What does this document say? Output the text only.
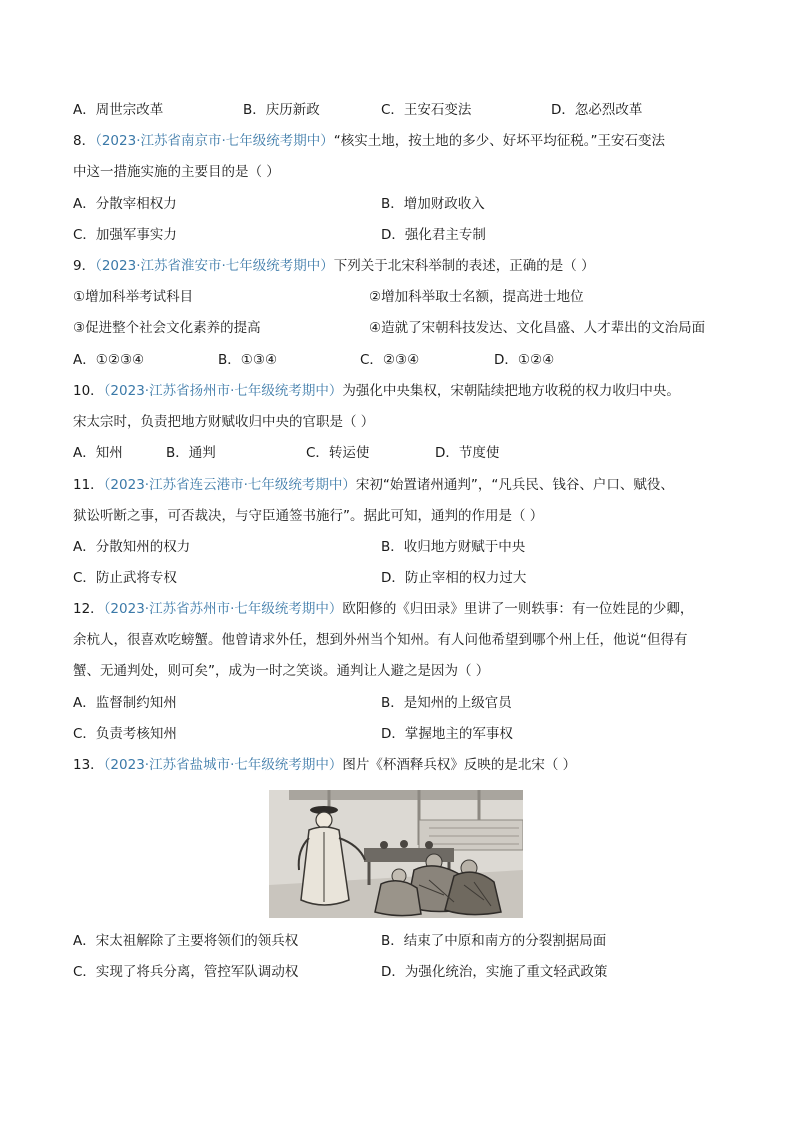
A．周世宗改革	B．庆历新政	C．王安石变法	D．忽必烈改革
8．（2023·江苏省南京市·七年级统考期中）“核实土地，按土地的多少、好坏平均征税。”王安石变法
中这一措施实施的主要目的是（ ）
A．分散宰相权力	B．增加财政收入
C．加强军事实力	D．强化君主专制
9．（2023·江苏省淮安市·七年级统考期中）下列关于北宋科举制的表述，正确的是（ ）
①增加科举考试科目	②增加科举取士名额，提高进士地位
③促进整个社会文化素养的提高	④造就了宋朝科技发达、文化昌盛、人才辈出的文治局面
A．①②③④	B．①③④	C．②③④	D．①②④
10．（2023·江苏省扬州市·七年级统考期中）为强化中央集权，宋朝陆续把地方收税的权力收归中央。
宋太宗时，负责把地方财赋收归中央的官职是（ ）
A．知州	B．通判	C．转运使	D．节度使
11．（2023·江苏省连云港市·七年级统考期中）宋初“始置诸州通判”，“凡兵民、钱谷、户口、赋役、
狱讼听断之事，可否裁决，与守臣通签书施行”。据此可知，通判的作用是（ ）
A．分散知州的权力	B．收归地方财赋于中央
C．防止武将专权	D．防止宰相的权力过大
12．（2023·江苏省苏州市·七年级统考期中）欧阳修的《归田录》里讲了一则轶事：有一位姓昆的少卿，
余杭人，很喜欢吃螃蟹。他曾请求外任，想到外州当个知州。有人问他希望到哪个州上任，他说“但得有
蟹、无通判处，则可矣”，成为一时之笑谈。通判让人避之是因为（ ）
A．监督制约知州	B．是知州的上级官员
C．负责考核知州	D．掌握地主的军事权
13．（2023·江苏省盐城市·七年级统考期中）图片《杯酒释兵权》反映的是北宋（ ）
A．宋太祖解除了主要将领们的领兵权	B．结束了中原和南方的分裂割据局面
C．实现了将兵分离，管控军队调动权	D．为强化统治，实施了重文轻武政策
